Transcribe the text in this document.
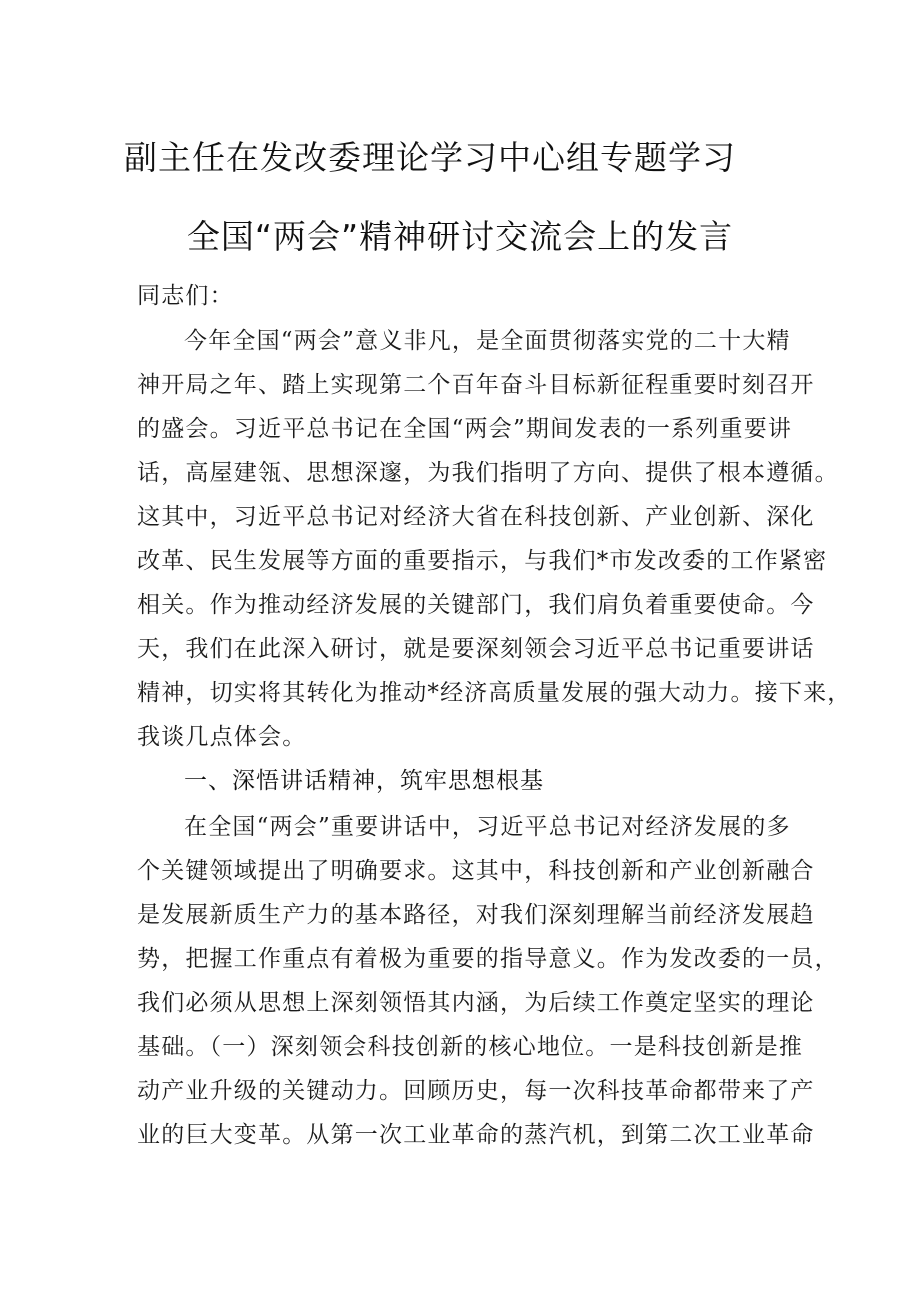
副主任在发改委理论学习中心组专题学习
全国“两会”精神研讨交流会上的发言
同志们：
今年全国“两会”意义非凡，是全面贯彻落实党的二十大精
神开局之年、踏上实现第二个百年奋斗目标新征程重要时刻召开
的盛会。习近平总书记在全国“两会”期间发表的一系列重要讲
话，高屋建瓴、思想深邃，为我们指明了方向、提供了根本遵循。
这其中，习近平总书记对经济大省在科技创新、产业创新、深化
改革、民生发展等方面的重要指示，与我们*市发改委的工作紧密
相关。作为推动经济发展的关键部门，我们肩负着重要使命。今
天，我们在此深入研讨，就是要深刻领会习近平总书记重要讲话
精神，切实将其转化为推动*经济高质量发展的强大动力。接下来，
我谈几点体会。
一、深悟讲话精神，筑牢思想根基
在全国“两会”重要讲话中，习近平总书记对经济发展的多
个关键领域提出了明确要求。这其中，科技创新和产业创新融合
是发展新质生产力的基本路径，对我们深刻理解当前经济发展趋
势，把握工作重点有着极为重要的指导意义。作为发改委的一员，
我们必须从思想上深刻领悟其内涵，为后续工作奠定坚实的理论
基础。（一）深刻领会科技创新的核心地位。一是科技创新是推
动产业升级的关键动力。回顾历史，每一次科技革命都带来了产
业的巨大变革。从第一次工业革命的蒸汽机，到第二次工业革命
